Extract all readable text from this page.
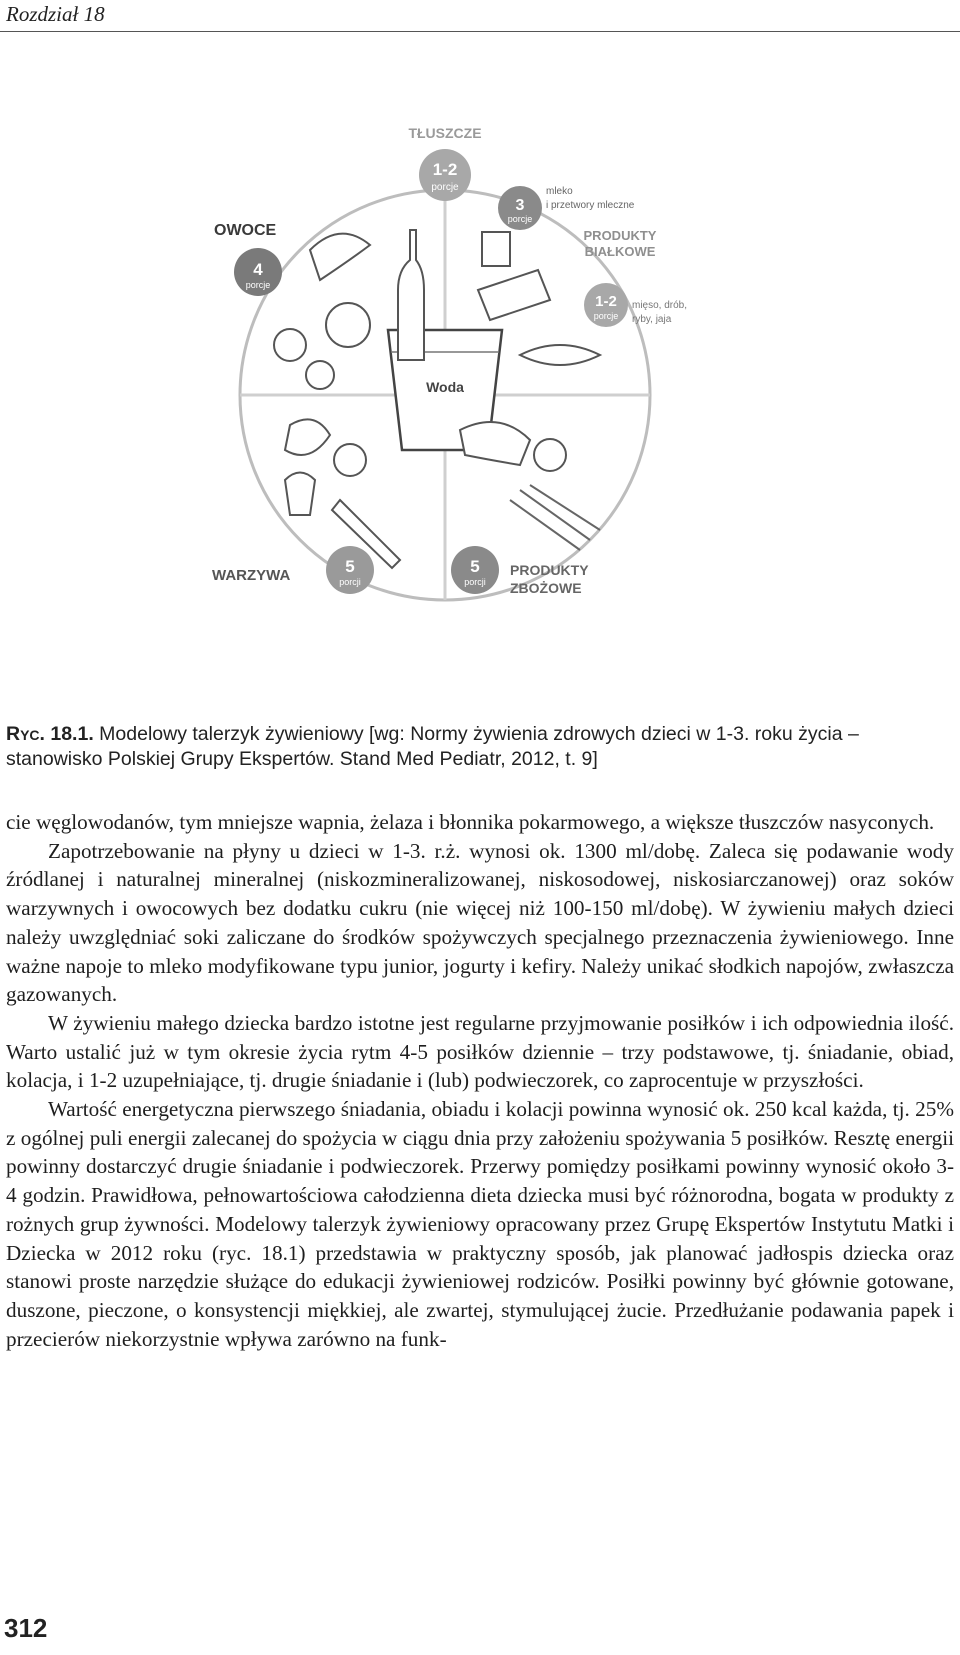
Rozdział 18
Woda
TŁUSZCZE
1-2
porcje
OWOCE
4
porcje
3
porcje
mleko
i przetwory mleczne
PRODUKTY
BIAŁKOWE
1-2
porcje
mięso, drób,
ryby, jaja
WARZYWA	5
porcji
5
porcji
PRODUKTY
ZBOŻOWE
Ryc. 18.1. Modelowy talerzyk żywieniowy [wg: Normy żywienia zdrowych dzieci w 1-3. roku życia – stanowisko Polskiej Grupy Ekspertów. Stand Med Pediatr, 2012, t. 9]

cie węglowodanów, tym mniejsze wapnia, żelaza i błonnika pokarmowego, a większe tłuszczów nasyconych.

Zapotrzebowanie na płyny u dzieci w 1-3. r.ż. wynosi ok. 1300 ml/dobę. Zaleca się podawanie wody źródlanej i naturalnej mineralnej (niskozmineralizowanej, niskosodowej, niskosiarczanowej) oraz soków warzywnych i owocowych bez dodatku cukru (nie więcej niż 100-150 ml/dobę). W żywieniu małych dzieci należy uwzględniać soki zaliczane do środków spożywczych specjalnego przeznaczenia żywieniowego. Inne ważne napoje to mleko modyfikowane typu junior, jogurty i kefiry. Należy unikać słodkich napojów, zwłaszcza gazowanych.

W żywieniu małego dziecka bardzo istotne jest regularne przyjmowanie posiłków i ich odpowiednia ilość. Warto ustalić już w tym okresie życia rytm 4-5 posiłków dziennie – trzy podstawowe, tj. śniadanie, obiad, kolacja, i 1-2 uzupełniające, tj. drugie śniadanie i (lub) podwieczorek, co zaprocentuje w przyszłości.

Wartość energetyczna pierwszego śniadania, obiadu i kolacji powinna wynosić ok. 250 kcal każda, tj. 25% z ogólnej puli energii zalecanej do spożycia w ciągu dnia przy założeniu spożywania 5 posiłków. Resztę energii powinny dostarczyć drugie śniadanie i podwieczorek. Przerwy pomiędzy posiłkami powinny wynosić około 3-4 godzin. Prawidłowa, pełnowartościowa całodzienna dieta dziecka musi być różnorodna, bogata w produkty z rożnych grup żywności. Modelowy talerzyk żywieniowy opracowany przez Grupę Ekspertów Instytutu Matki i Dziecka w 2012 roku (ryc. 18.1) przedstawia w praktyczny sposób, jak planować jadłospis dziecka oraz stanowi proste narzędzie służące do edukacji żywieniowej rodziców. Posiłki powinny być głównie gotowane, duszone, pieczone, o konsystencji miękkiej, ale zwartej, stymulującej żucie. Przedłużanie podawania papek i przecierów niekorzystnie wpływa zarówno na funk-

312
